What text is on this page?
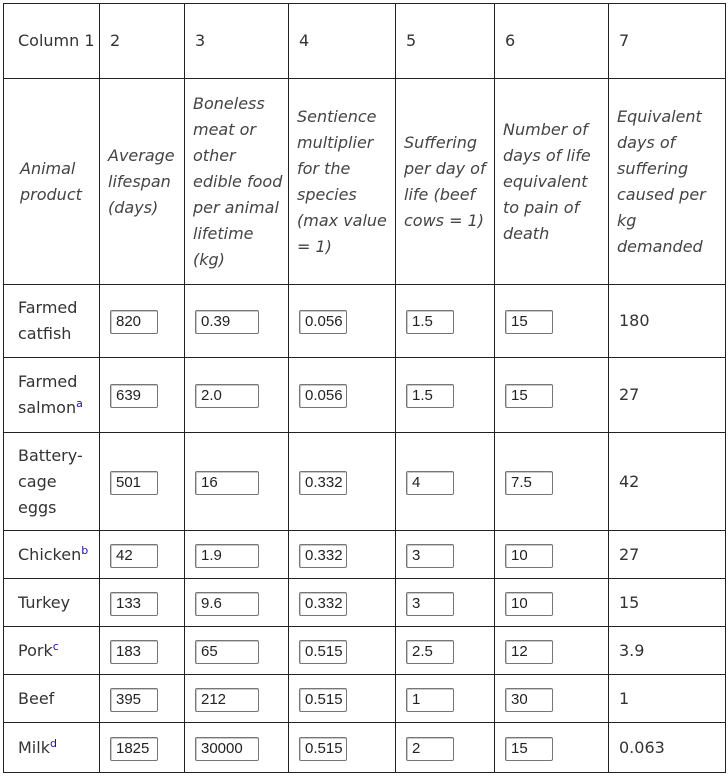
Column 1	2	3	4	5	6	7
Animal product	Average lifespan (days)	Boneless meat or other edible food per animal lifetime (kg)	Sentience multiplier for the species (max value = 1)	Suffering per day of life (beef cows = 1)	Number of days of life equivalent to pain of death	Equivalent days of suffering caused per kg demanded
Farmed catfish	820	0.39	0.056	1.5	15	180
Farmed salmon$^a$	639	2.0	0.056	1.5	15	27
Battery-cage eggs	501	16	0.332	4	7.5	42
Chicken$^b$	42	1.9	0.332	3	10	27
Turkey	133	9.6	0.332	3	10	15
Pork$^c$	183	65	0.515	2.5	12	3.9
Beef	395	212	0.515	1	30	1
Milk$^d$	1825	30000	0.515	2	15	0.063
